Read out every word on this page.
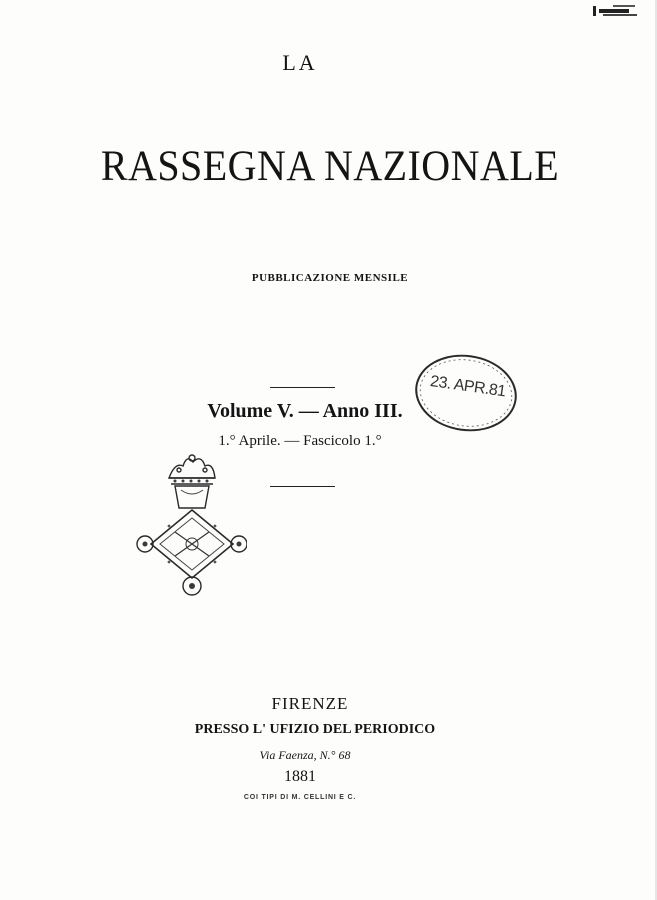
LA
RASSEGNA NAZIONALE
PUBBLICAZIONE MENSILE
Volume V. — Anno III.
1.° Aprile. — Fascicolo 1.°
23. APR.81
FIRENZE
PRESSO L' UFIZIO DEL PERIODICO
Via Faenza, N.° 68
1881
COI TIPI DI M. CELLINI E C.
